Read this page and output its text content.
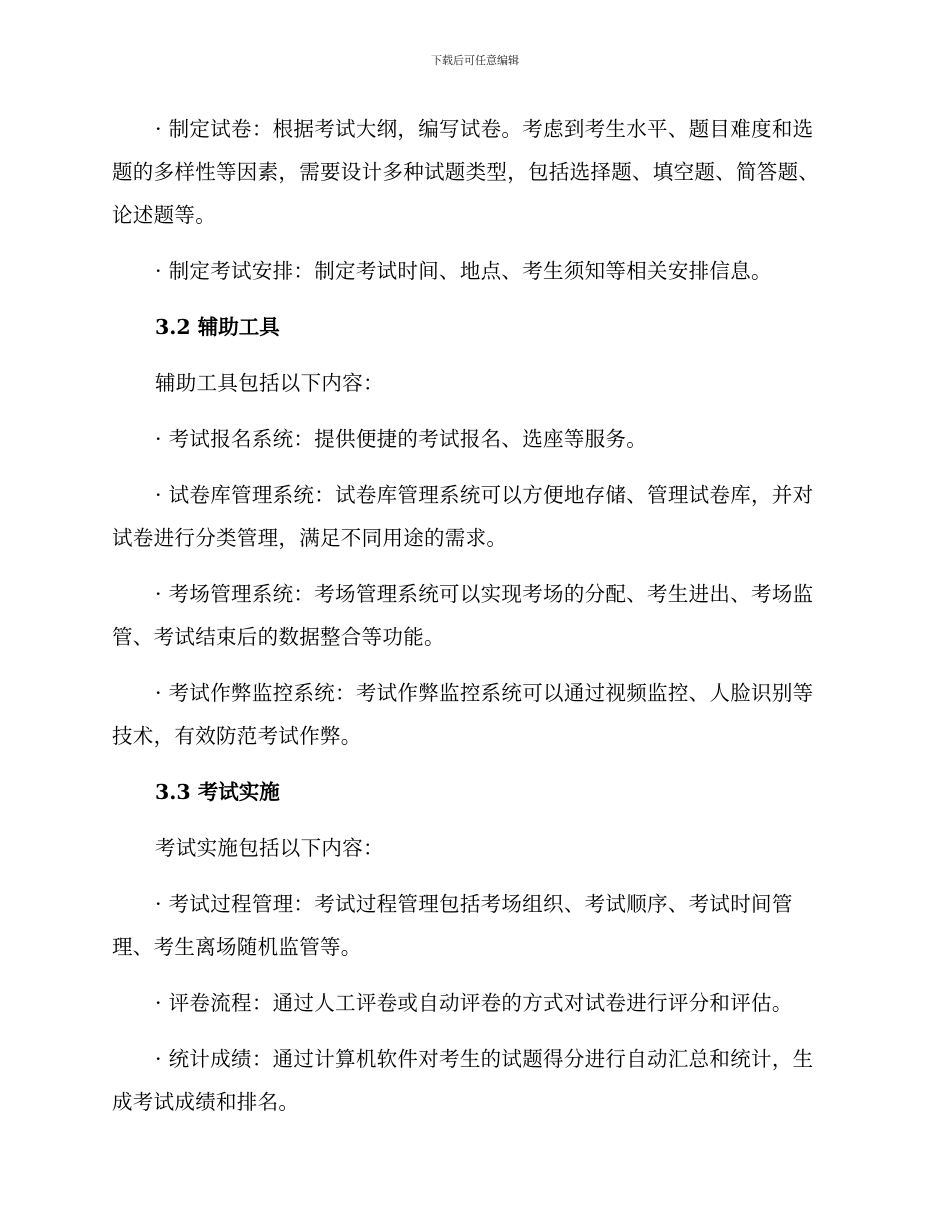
下载后可任意编辑

· 制定试卷：根据考试大纲，编写试卷。考虑到考生水平、题目难度和选题的多样性等因素，需要设计多种试题类型，包括选择题、填空题、简答题、论述题等。

· 制定考试安排：制定考试时间、地点、考生须知等相关安排信息。

3.2 辅助工具

辅助工具包括以下内容：

· 考试报名系统：提供便捷的考试报名、选座等服务。

· 试卷库管理系统：试卷库管理系统可以方便地存储、管理试卷库，并对试卷进行分类管理，满足不同用途的需求。

· 考场管理系统：考场管理系统可以实现考场的分配、考生进出、考场监管、考试结束后的数据整合等功能。

· 考试作弊监控系统：考试作弊监控系统可以通过视频监控、人脸识别等技术，有效防范考试作弊。

3.3 考试实施

考试实施包括以下内容：

· 考试过程管理：考试过程管理包括考场组织、考试顺序、考试时间管理、考生离场随机监管等。

· 评卷流程：通过人工评卷或自动评卷的方式对试卷进行评分和评估。

· 统计成绩：通过计算机软件对考生的试题得分进行自动汇总和统计，生成考试成绩和排名。
